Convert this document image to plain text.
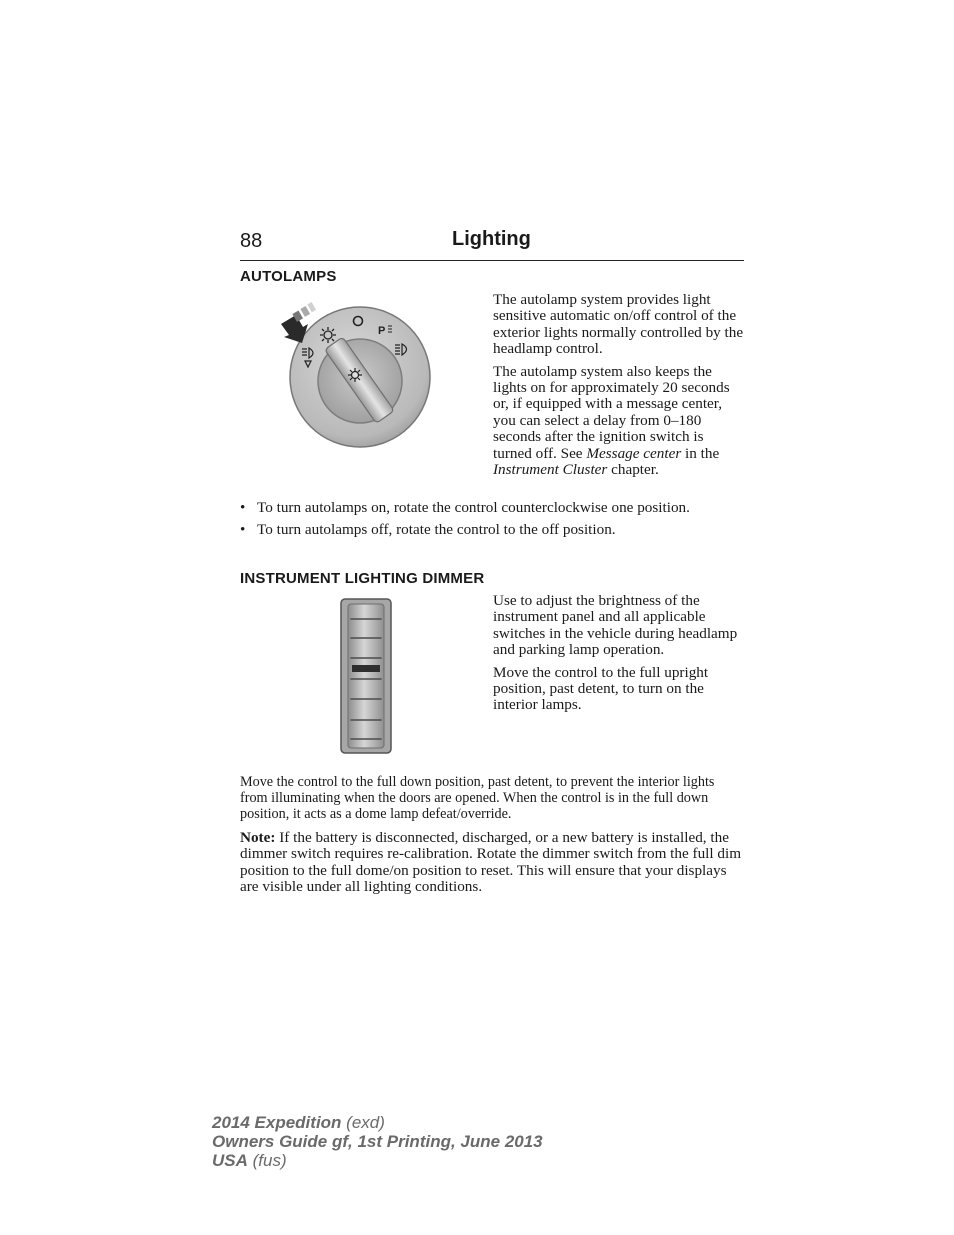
88	Lighting
AUTOLAMPS
P

The autolamp system provides light sensitive automatic on/off control of the exterior lights normally controlled by the headlamp control.

The autolamp system also keeps the lights on for approximately 20 seconds or, if equipped with a message center, you can select a delay from 0–180 seconds after the ignition switch is turned off. See Message center in the Instrument Cluster chapter.

• To turn autolamps on, rotate the control counterclockwise one position.
• To turn autolamps off, rotate the control to the off position.
INSTRUMENT LIGHTING DIMMER

Use to adjust the brightness of the instrument panel and all applicable switches in the vehicle during headlamp and parking lamp operation.

Move the control to the full upright position, past detent, to turn on the interior lamps.

Move the control to the full down position, past detent, to prevent the interior lights from illuminating when the doors are opened. When the control is in the full down position, it acts as a dome lamp defeat/override.

Note: If the battery is disconnected, discharged, or a new battery is installed, the dimmer switch requires re-calibration. Rotate the dimmer switch from the full dim position to the full dome/on position to reset. This will ensure that your displays are visible under all lighting conditions.

2014 Expedition (exd)
Owners Guide gf, 1st Printing, June 2013
USA (fus)
